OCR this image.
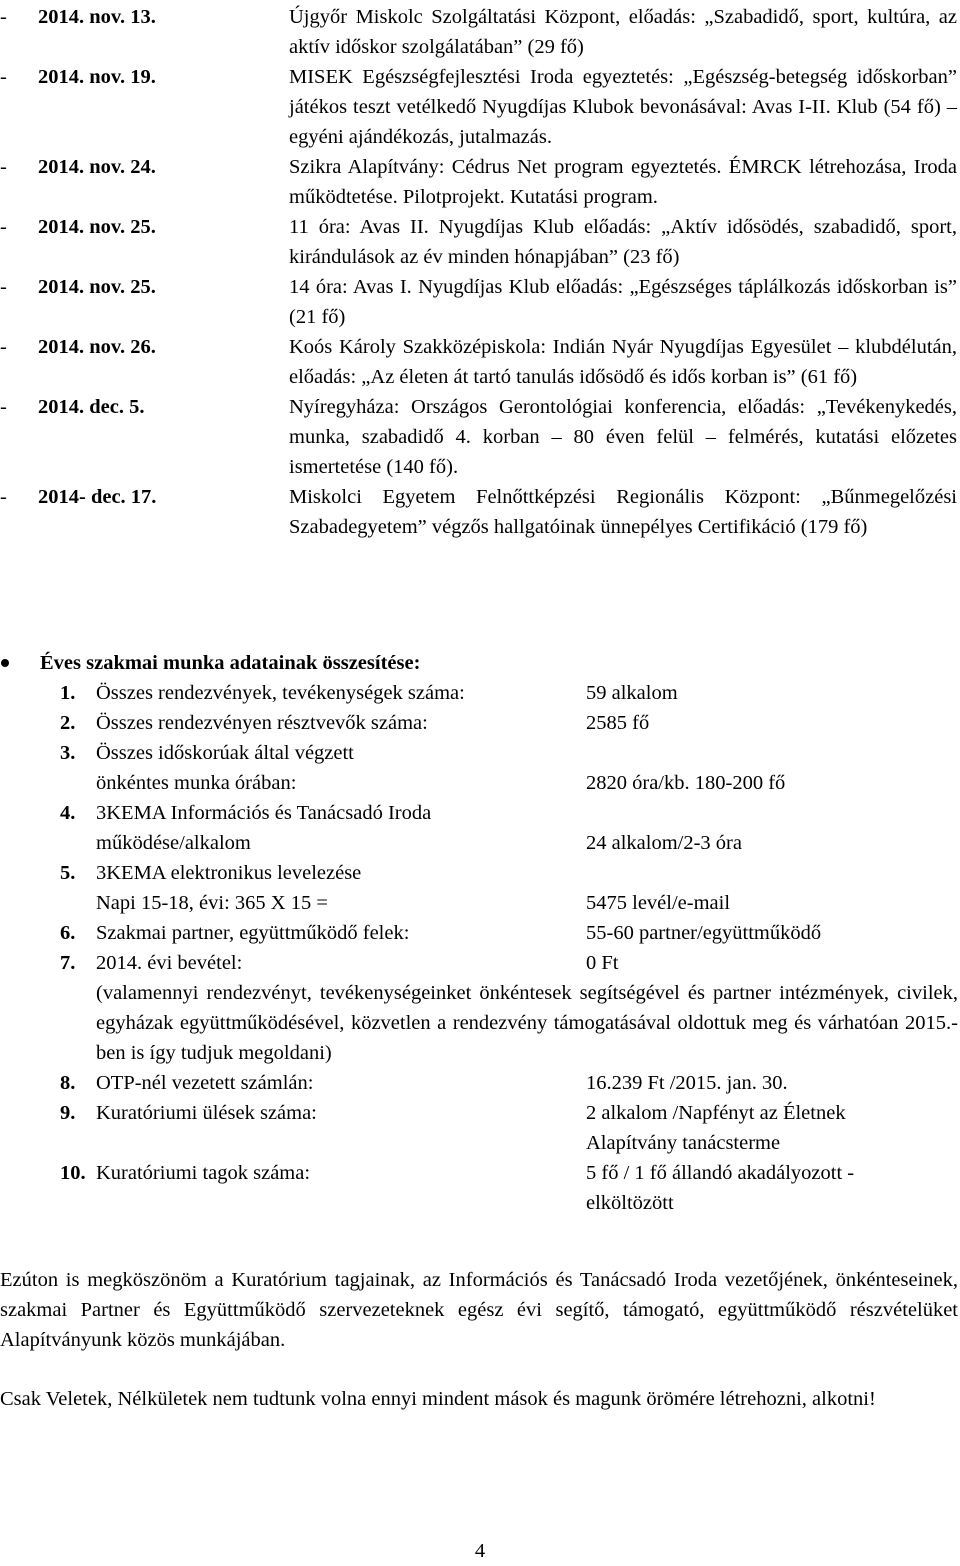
- 2014. nov. 13.	Újgyőr Miskolc Szolgáltatási Központ, előadás: „Szabadidő, sport, kultúra, az aktív időskor szolgálatában” (29 fő)
- 2014. nov. 19.	MISEK Egészségfejlesztési Iroda egyeztetés: „Egészség-betegség időskorban” játékos teszt vetélkedő Nyugdíjas Klubok bevonásával: Avas I-II. Klub (54 fő) – egyéni ajándékozás, jutalmazás.
- 2014. nov. 24.	Szikra Alapítvány: Cédrus Net program egyeztetés. ÉMRCK létrehozása, Iroda működtetése. Pilotprojekt. Kutatási program.
- 2014. nov. 25.	11 óra: Avas II. Nyugdíjas Klub előadás: „Aktív idősödés, szabadidő, sport, kirándulások az év minden hónapjában” (23 fő)
- 2014. nov. 25.	14 óra: Avas I. Nyugdíjas Klub előadás: „Egészséges táplálkozás időskorban is” (21 fő)
- 2014. nov. 26.	Koós Károly Szakközépiskola: Indián Nyár Nyugdíjas Egyesület – klubdélután, előadás: „Az életen át tartó tanulás idősödő és idős korban is” (61 fő)
- 2014. dec. 5.	Nyíregyháza: Országos Gerontológiai konferencia, előadás: „Tevékenykedés, munka, szabadidő 4. korban – 80 éven felül – felmérés, kutatási előzetes ismertetése (140 fő).
- 2014- dec. 17.	Miskolci Egyetem Felnőttképzési Regionális Központ: „Bűnmegelőzési Szabadegyetem” végzős hallgatóinak ünnepélyes Certifikáció (179 fő)
Éves szakmai munka adatainak összesítése:
1.	Összes rendezvények, tevékenységek száma:	59 alkalom
2.	Összes rendezvényen résztvevők száma:	2585 fő
3.	Összes időskorúak által végzett
önkéntes munka órában:
	2820 óra/kb. 180-200 fő
4.	3KEMA Információs és Tanácsadó Iroda
működése/alkalom
	24 alkalom/2-3 óra
5.	3KEMA elektronikus levelezése
Napi 15-18, évi: 365 X 15 =
	5475 levél/e-mail
6.	Szakmai partner, együttműködő felek:	55-60 partner/együttműködő
7.	2014. évi bevétel:	0 Ft
(valamennyi rendezvényt, tevékenységeinket önkéntesek segítségével és partner intézmények, civilek, egyházak együttműködésével, közvetlen a rendezvény támogatásával oldottuk meg és várhatóan 2015.-ben is így tudjuk megoldani)
8.	OTP-nél vezetett számlán:	16.239 Ft /2015. jan. 30.
9.	Kuratóriumi ülések száma:	2 alkalom /Napfényt az Életnek
Alapítvány tanácsterme
10. Kuratóriumi tagok száma:	5 fő / 1 fő állandó akadályozott -
elköltözött

Ezúton is megköszönöm a Kuratórium tagjainak, az Információs és Tanácsadó Iroda vezetőjének, önkénteseinek, szakmai Partner és Együttműködő szervezeteknek egész évi segítő, támogató, együttműködő részvételüket Alapítványunk közös munkájában.

Csak Veletek, Nélkületek nem tudtunk volna ennyi mindent mások és magunk örömére létrehozni, alkotni!

4
